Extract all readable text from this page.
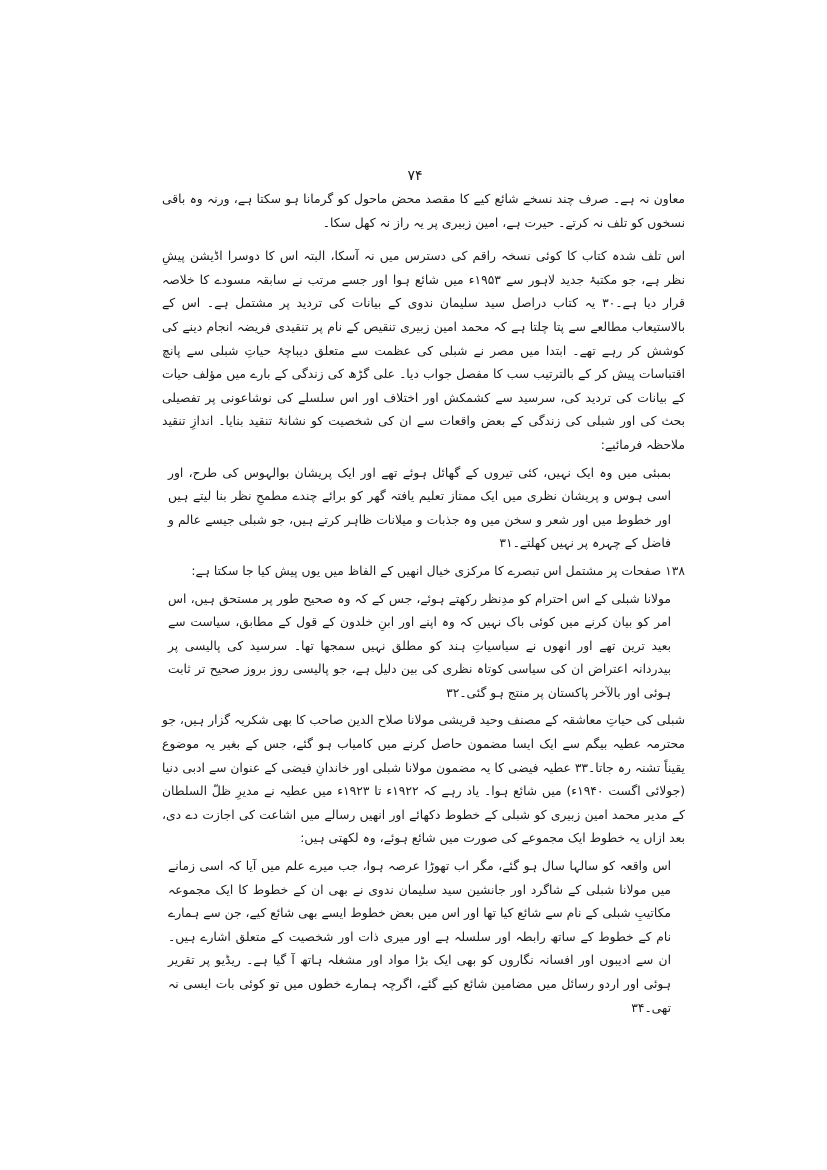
۷۴

معاون نہ ہے۔ صرف چند نسخے شائع کیے کا مقصد محض ماحول کو گرمانا ہو سکتا ہے، ورنہ وہ باقی نسخوں کو تلف نہ کرتے۔ حیرت ہے، امین زبیری پر یہ راز نہ کھل سکا۔

اس تلف شدہ کتاب کا کوئی نسخہ راقم کی دسترس میں نہ آسکا، البتہ اس کا دوسرا اڈیشن پیشِ نظر ہے، جو مکتبۂ جدید لاہور سے ۱۹۵۳ء میں شائع ہوا اور جسے مرتب نے سابقہ مسودے کا خلاصہ قرار دیا ہے۔۳۰ یہ کتاب دراصل سید سلیمان ندوی کے بیانات کی تردید پر مشتمل ہے۔ اس کے بالاستیعاب مطالعے سے پتا چلتا ہے کہ محمد امین زبیری تنقیص کے نام پر تنقیدی فریضہ انجام دینے کی کوشش کر رہے تھے۔ ابتدا میں مصر نے شبلی کی عظمت سے متعلق دیباچۂ حیاتِ شبلی سے پانچ اقتباسات پیش کر کے بالترتیب سب کا مفصل جواب دیا۔ علی گڑھ کی زندگی کے بارے میں مؤلف حیات کے بیانات کی تردید کی، سرسید سے کشمکش اور اختلاف اور اس سلسلے کی نوشاعونی پر تفصیلی بحث کی اور شبلی کی زندگی کے بعض واقعات سے ان کی شخصیت کو نشانۂ تنقید بنایا۔ اندازِ تنقید ملاحظہ فرمائیے:

بمبئی میں وہ ایک نہیں، کئی تیروں کے گھائل ہوئے تھے اور ایک پریشان بوالہوس کی طرح، اور اسی ہوس و پریشان نظری میں ایک ممتاز تعلیم یافتہ گھر کو برائے چندے مطمحِ نظر بنا لیتے ہیں اور خطوط میں اور شعر و سخن میں وہ جذبات و میلانات ظاہر کرتے ہیں، جو شبلی جیسے عالم و فاضل کے چہرہ پر نہیں کھلتے۔۳۱

۱۳۸ صفحات پر مشتمل اس تبصرے کا مرکزی خیال انھیں کے الفاظ میں یوں پیش کیا جا سکتا ہے:

مولانا شبلی کے اس احترام کو مدِنظر رکھتے ہوئے، جس کے کہ وہ صحیح طور پر مستحق ہیں، اس امر کو بیان کرنے میں کوئی باک نہیں کہ وہ اپنے اور ابنِ خلدون کے قول کے مطابق، سیاست سے بعید ترین تھے اور انھوں نے سیاسیاتِ ہند کو مطلق نہیں سمجھا تھا۔ سرسید کی پالیسی پر بیدردانہ اعتراض ان کی سیاسی کوتاہ نظری کی بین دلیل ہے، جو پالیسی روز بروز صحیح تر ثابت ہوئی اور بالآخر پاکستان پر منتج ہو گئی۔۳۲

شبلی کی حیاتِ معاشقہ کے مصنف وحید قریشی مولانا صلاح الدین صاحب کا بھی شکریہ گزار ہیں، جو محترمہ عطیہ بیگم سے ایک ایسا مضمون حاصل کرنے میں کامیاب ہو گئے، جس کے بغیر یہ موضوع یقیناً تشنہ رہ جاتا۔۳۳ عطیہ فیضی کا یہ مضمون مولانا شبلی اور خاندانِ فیضی کے عنوان سے ادبی دنیا (جولائی اگست ۱۹۴۰ء) میں شائع ہوا۔ یاد رہے کہ ۱۹۲۲ء تا ۱۹۲۳ء میں عطیہ نے مدیرِ ظلّ السلطان کے مدیر محمد امین زبیری کو شبلی کے خطوط دکھائے اور انھیں رسالے میں اشاعت کی اجازت دے دی، بعد ازاں یہ خطوط ایک مجموعے کی صورت میں شائع ہوئے، وہ لکھتی ہیں:

اس واقعہ کو سالہا سال ہو گئے، مگر اب تھوڑا عرصہ ہوا، جب میرے علم میں آیا کہ اسی زمانے میں مولانا شبلی کے شاگرد اور جانشین سید سلیمان ندوی نے بھی ان کے خطوط کا ایک مجموعہ مکاتیبِ شبلی کے نام سے شائع کیا تھا اور اس میں بعض خطوط ایسے بھی شائع کیے، جن سے ہمارے نام کے خطوط کے ساتھ رابطہ اور سلسلہ ہے اور میری ذات اور شخصیت کے متعلق اشارے ہیں۔ ان سے ادیبوں اور افسانہ نگاروں کو بھی ایک بڑا مواد اور مشغلہ ہاتھ آ گیا ہے۔ ریڈیو پر تقریر ہوئی اور اردو رسائل میں مضامین شائع کیے گئے، اگرچہ ہمارے خطوں میں تو کوئی بات ایسی نہ تھی۔۳۴
